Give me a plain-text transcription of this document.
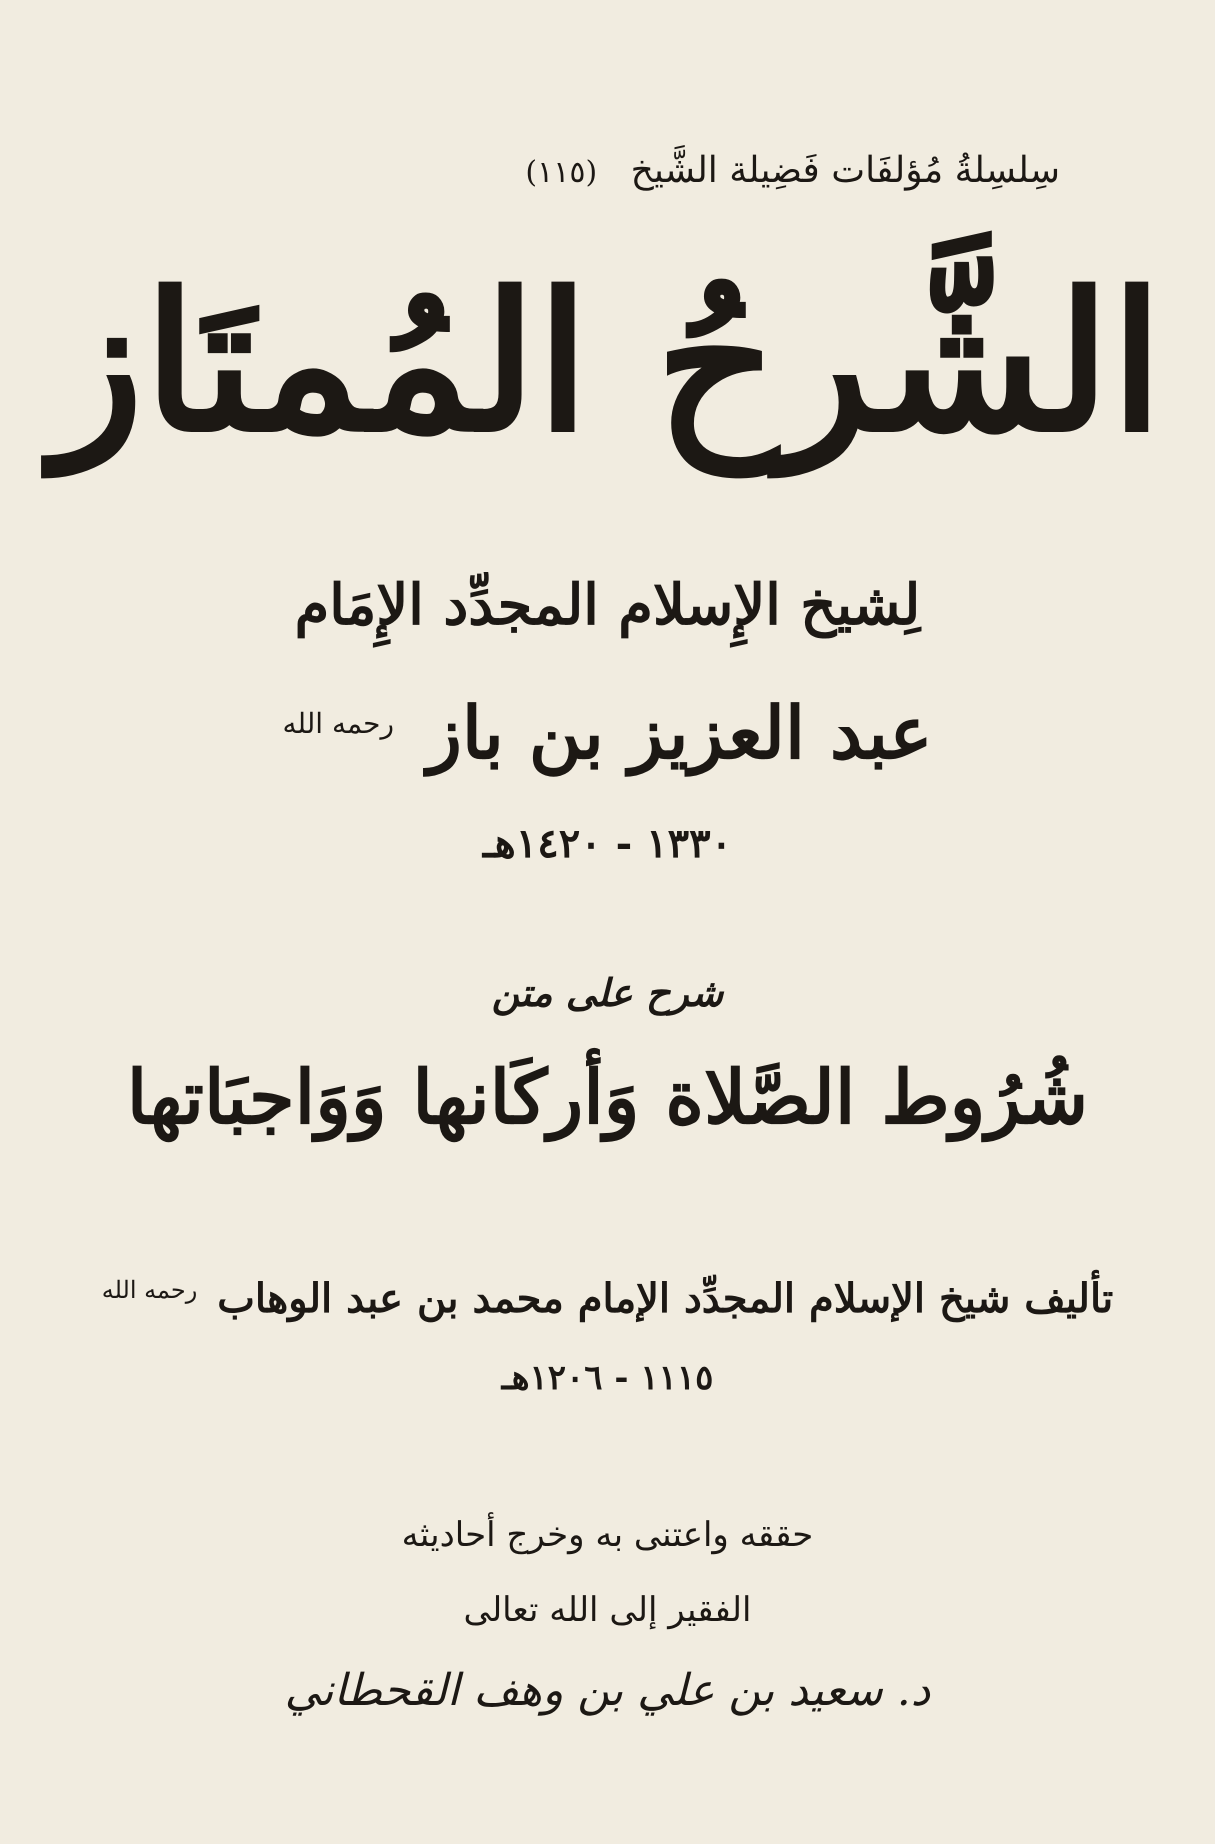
سِلسِلةُ مُؤلفَات فَضِيلة الشَّيخ (١١٥)
الشَّرحُ المُمتَاز
لِشيخ الإِسلام المجدِّد الإِمَام
عبد العزيز بن باز $^{رحمه الله}$
١٣٣٠ - ١٤٢٠هـ
شرح على متن
شُرُوط الصَّلاة وَأركَانها وَوَاجبَاتها
تأليف شيخ الإسلام المجدِّد الإمام محمد بن عبد الوهاب $^{رحمه الله}$
١١١٥ - ١٢٠٦هـ
حققه واعتنى به وخرج أحاديثه
الفقير إلى الله تعالى
د. سعيد بن علي بن وهف القحطاني
